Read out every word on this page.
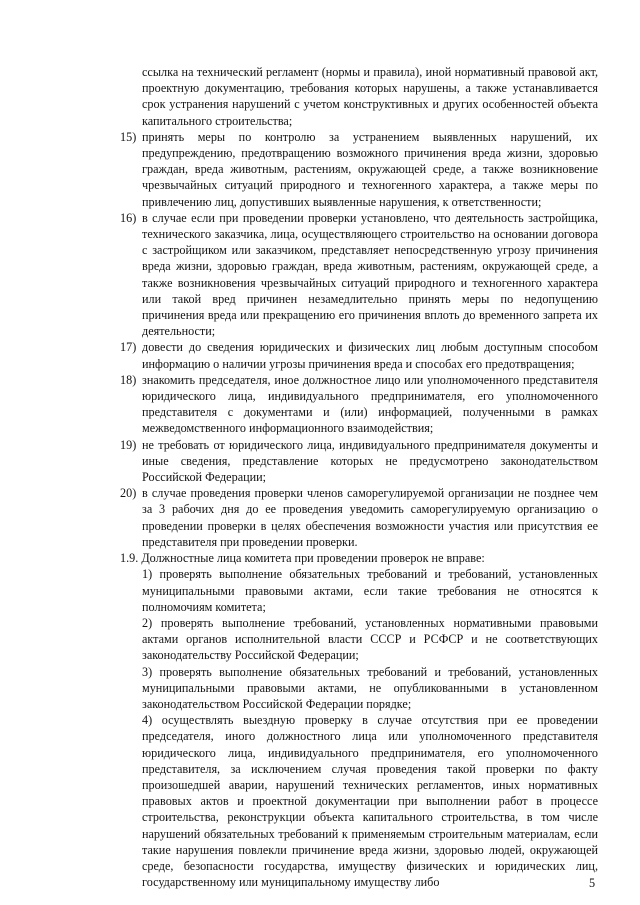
ссылка на технический регламент (нормы и правила), иной нормативный правовой акт, проектную документацию, требования которых нарушены, а также устанавливается срок устранения нарушений с учетом конструктивных и других особенностей объекта капитального строительства;

15) принять меры по контролю за устранением выявленных нарушений, их предупреждению, предотвращению возможного причинения вреда жизни, здоровью граждан, вреда животным, растениям, окружающей среде, а также возникновение чрезвычайных ситуаций природного и техногенного характера, а также меры по привлечению лиц, допустивших выявленные нарушения, к ответственности;
16) в случае если при проведении проверки установлено, что деятельность застройщика, технического заказчика, лица, осуществляющего строительство на основании договора с застройщиком или заказчиком, представляет непосредственную угрозу причинения вреда жизни, здоровью граждан, вреда животным, растениям, окружающей среде, а также возникновения чрезвычайных ситуаций природного и техногенного характера или такой вред причинен незамедлительно принять меры по недопущению причинения вреда или прекращению его причинения вплоть до временного запрета их деятельности;
17) довести до сведения юридических и физических лиц любым доступным способом информацию о наличии угрозы причинения вреда и способах его предотвращения;
18) знакомить председателя, иное должностное лицо или уполномоченного представителя юридического лица, индивидуального предпринимателя, его уполномоченного представителя с документами и (или) информацией, полученными в рамках межведомственного информационного взаимодействия;
19) не требовать от юридического лица, индивидуального предпринимателя документы и иные сведения, представление которых не предусмотрено законодательством Российской Федерации;
20) в случае проведения проверки членов саморегулируемой организации не позднее чем за 3 рабочих дня до ее проведения уведомить саморегулируемую организацию о проведении проверки в целях обеспечения возможности участия или присутствия ее представителя при проведении проверки.

1.9. Должностные лица комитета при проведении проверок не вправе:

1) проверять выполнение обязательных требований и требований, установленных муниципальными правовыми актами, если такие требования не относятся к полномочиям комитета;

2) проверять выполнение требований, установленных нормативными правовыми актами органов исполнительной власти СССР и РСФСР и не соответствующих законодательству Российской Федерации;

3) проверять выполнение обязательных требований и требований, установленных муниципальными правовыми актами, не опубликованными в установленном законодательством Российской Федерации порядке;

4) осуществлять выездную проверку в случае отсутствия при ее проведении председателя, иного должностного лица или уполномоченного представителя юридического лица, индивидуального предпринимателя, его уполномоченного представителя, за исключением случая проведения такой проверки по факту произошедшей аварии, нарушений технических регламентов, иных нормативных правовых актов и проектной документации при выполнении работ в процессе строительства, реконструкции объекта капитального строительства, в том числе нарушений обязательных требований к применяемым строительным материалам, если такие нарушения повлекли причинение вреда жизни, здоровью людей, окружающей среде, безопасности государства, имуществу физических и юридических лиц, государственному или муниципальному имуществу либо	5
